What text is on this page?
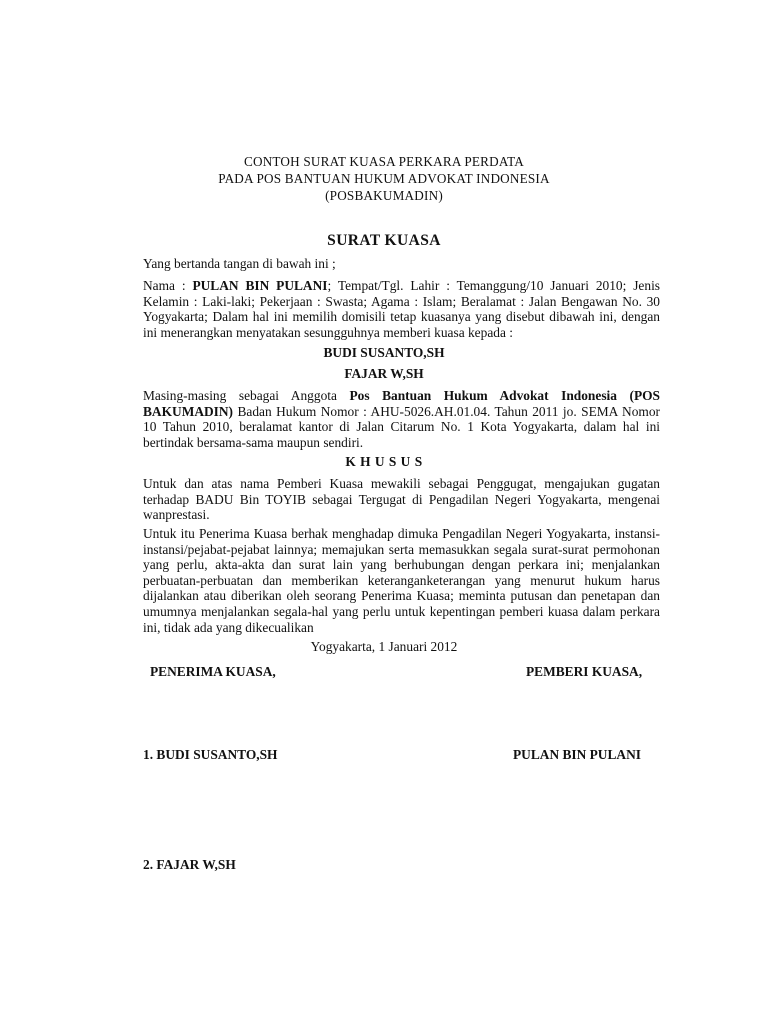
CONTOH SURAT KUASA PERKARA PERDATA

PADA POS BANTUAN HUKUM ADVOKAT INDONESIA

(POSBAKUMADIN)

SURAT KUASA

Yang bertanda tangan di bawah ini ;

Nama : PULAN BIN PULANI; Tempat/Tgl. Lahir : Temanggung/10 Januari 2010; Jenis Kelamin : Laki-laki; Pekerjaan : Swasta; Agama : Islam; Beralamat : Jalan Bengawan No. 30 Yogyakarta; Dalam hal ini memilih domisili tetap kuasanya yang disebut dibawah ini, dengan ini menerangkan menyatakan sesungguhnya memberi kuasa kepada :

BUDI SUSANTO,SH

FAJAR W,SH

Masing-masing sebagai Anggota Pos Bantuan Hukum Advokat Indonesia (POS BAKUMADIN) Badan Hukum Nomor : AHU-5026.AH.01.04. Tahun 2011 jo. SEMA Nomor 10 Tahun 2010, beralamat kantor di Jalan Citarum No. 1 Kota Yogyakarta, dalam hal ini bertindak bersama-sama maupun sendiri.

K H U S U S

Untuk dan atas nama Pemberi Kuasa mewakili sebagai Penggugat, mengajukan gugatan terhadap BADU Bin TOYIB sebagai Tergugat di Pengadilan Negeri Yogyakarta, mengenai wanprestasi.

Untuk itu Penerima Kuasa berhak menghadap dimuka Pengadilan Negeri Yogyakarta, instansi-instansi/pejabat-pejabat lainnya; memajukan serta memasukkan segala surat-surat permohonan yang perlu, akta-akta dan surat lain yang berhubungan dengan perkara ini; menjalankan perbuatan-perbuatan dan memberikan keteranganketerangan yang menurut hukum harus dijalankan atau diberikan oleh seorang Penerima Kuasa; meminta putusan dan penetapan dan umumnya menjalankan segala-hal yang perlu untuk kepentingan pemberi kuasa dalam perkara ini, tidak ada yang dikecualikan

Yogyakarta, 1 Januari 2012

PENERIMA KUASA,	PEMBERI KUASA,

1. BUDI SUSANTO,SH	PULAN BIN PULANI

2. FAJAR W,SH
